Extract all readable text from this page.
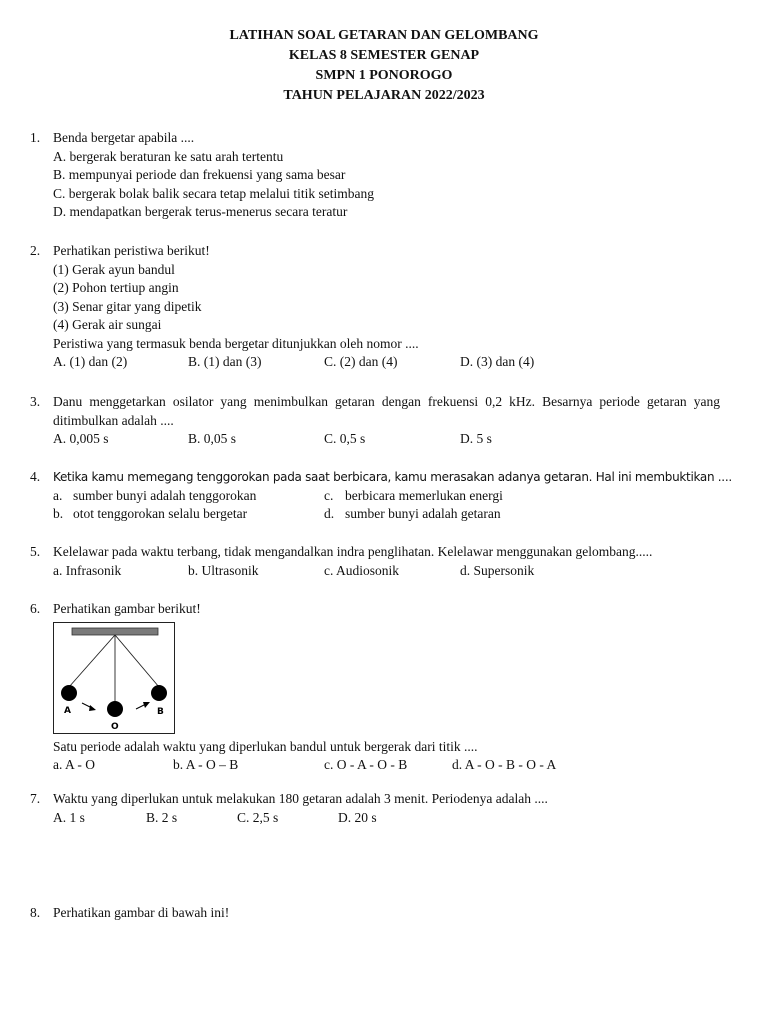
LATIHAN SOAL GETARAN DAN GELOMBANG
KELAS 8 SEMESTER GENAP
SMPN 1 PONOROGO
TAHUN PELAJARAN 2022/2023
1. Benda bergetar apabila ....
A. bergerak beraturan ke satu arah tertentu
B. mempunyai periode dan frekuensi yang sama besar
C. bergerak bolak balik secara tetap melalui titik setimbang
D. mendapatkan bergerak terus-menerus secara teratur
2. Perhatikan peristiwa berikut!
(1) Gerak ayun bandul
(2) Pohon tertiup angin
(3) Senar gitar yang dipetik
(4) Gerak air sungai
Peristiwa yang termasuk benda bergetar ditunjukkan oleh nomor ....
A. (1) dan (2)	B. (1) dan (3)	C. (2) dan (4)	D. (3) dan (4)
3. Danu menggetarkan osilator yang menimbulkan getaran dengan frekuensi 0,2 kHz. Besarnya periode getaran yang ditimbulkan adalah ....
A. 0,005 s	B. 0,05 s	C. 0,5 s	D. 5 s
4.	Ketika kamu memegang tenggorokan pada saat berbicara, kamu merasakan adanya getaran. Hal ini membuktikan ....
a. sumber bunyi adalah tenggorokan	c. berbicara memerlukan energi
b. otot tenggorokan selalu bergetar	d. sumber bunyi adalah getaran
5. Kelelawar pada waktu terbang, tidak mengandalkan indra penglihatan. Kelelawar menggunakan gelombang.....
a. Infrasonik	b. Ultrasonik	c. Audiosonik	d. Supersonik
6. Perhatikan gambar berikut!
A
O
B
Satu periode adalah waktu yang diperlukan bandul untuk bergerak dari titik ....
a. A - O	b. A - O – B	c. O - A - O - B	d. A - O - B - O - A
7. Waktu yang diperlukan untuk melakukan 180 getaran adalah 3 menit. Periodenya adalah ....
A. 1 s	B. 2 s	C. 2,5 s	D. 20 s
8. Perhatikan gambar di bawah ini!
